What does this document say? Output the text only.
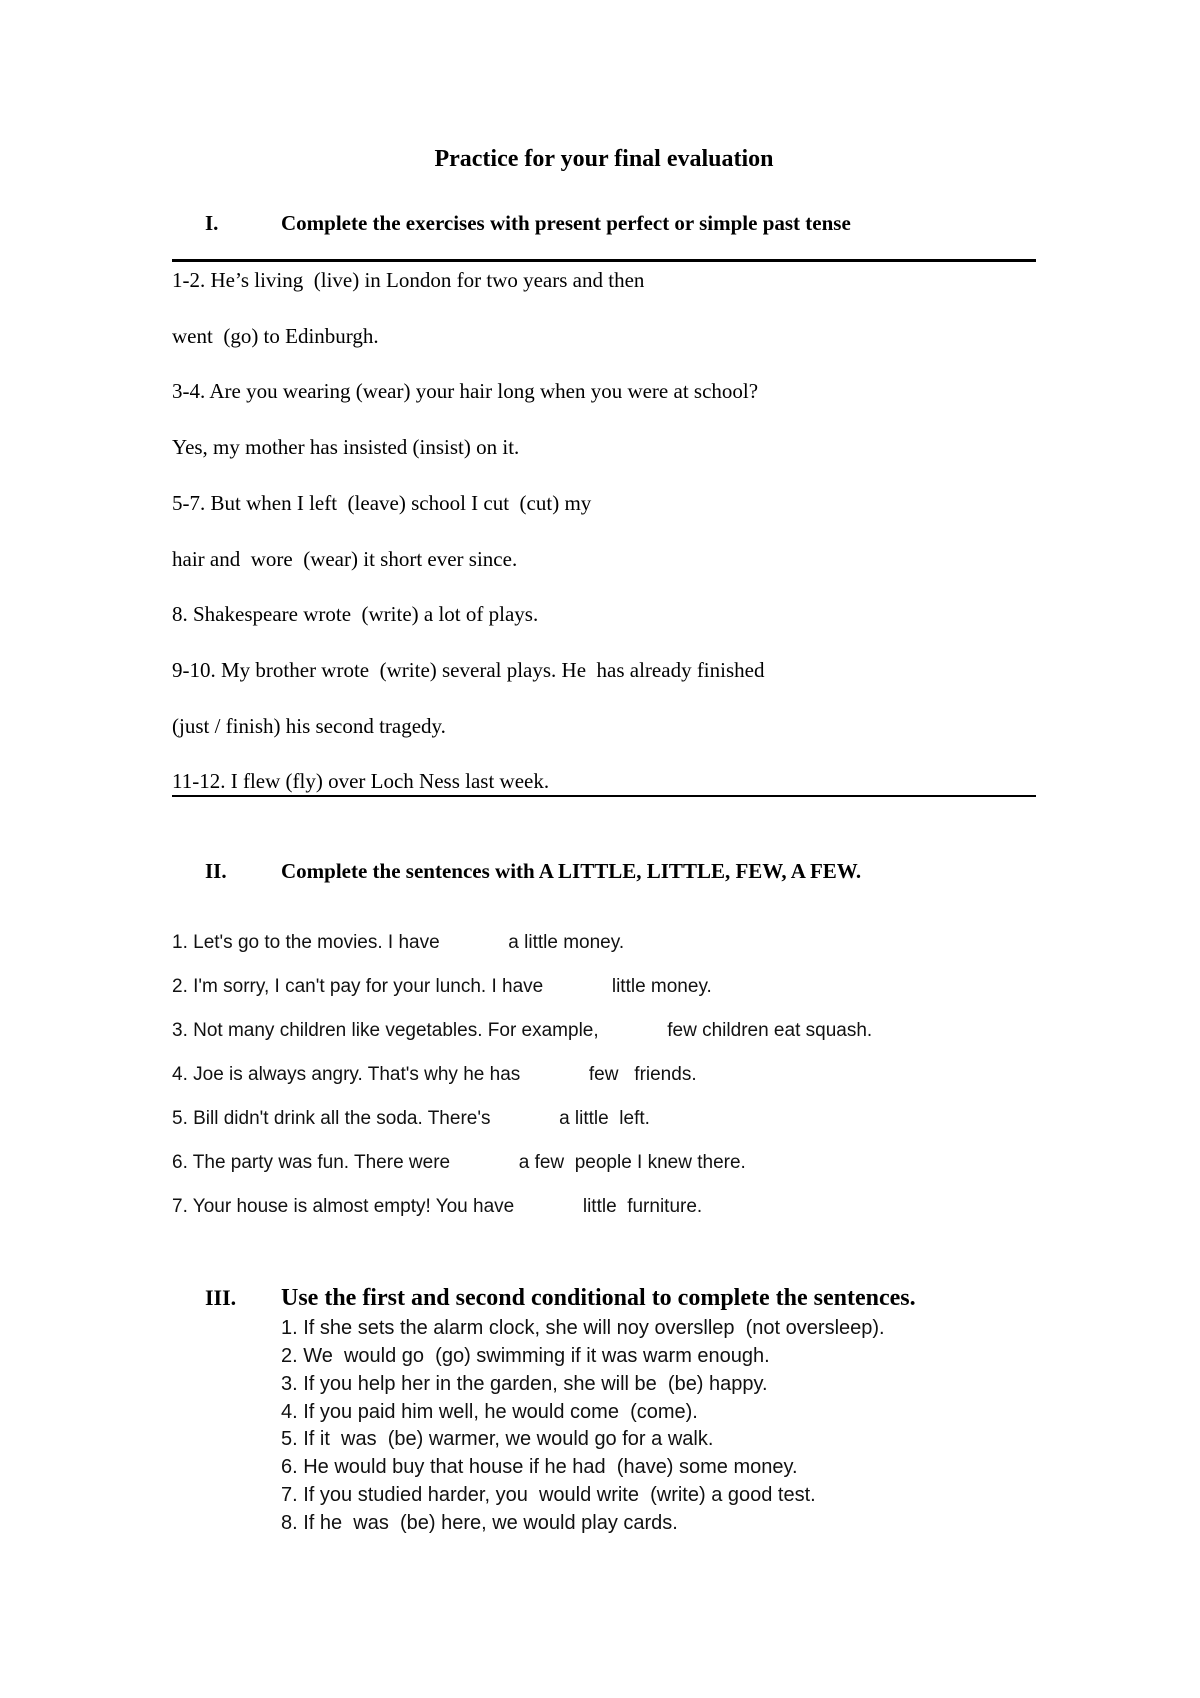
Practice for your final evaluation
I.	Complete the exercises with present perfect or simple past tense
1-2. He’s living  (live) in London for two years and then
went  (go) to Edinburgh.
3-4. Are you wearing (wear) your hair long when you were at school?
Yes, my mother has insisted (insist) on it.
5-7. But when I left  (leave) school I cut  (cut) my
hair and  wore  (wear) it short ever since.
8. Shakespeare wrote  (write) a lot of plays.
9-10. My brother wrote  (write) several plays. He  has already finished
(just / finish) his second tragedy.
11-12. I flew (fly) over Loch Ness last week.
II.	Complete the sentences with A LITTLE, LITTLE, FEW, A FEW.
1. Let's go to the movies. I have             a little money.
2. I'm sorry, I can't pay for your lunch. I have             little money.
3. Not many children like vegetables. For example,             few children eat squash.
4. Joe is always angry. That's why he has             few   friends.
5. Bill didn't drink all the soda. There's             a little  left.
6. The party was fun. There were             a few  people I knew there.
7. Your house is almost empty! You have             little  furniture.
III. Use the first and second conditional to complete the sentences.
1. If she sets the alarm clock, she will noy oversllep  (not oversleep).
2. We  would go  (go) swimming if it was warm enough.
3. If you help her in the garden, she will be  (be) happy.
4. If you paid him well, he would come  (come).
5. If it  was  (be) warmer, we would go for a walk.
6. He would buy that house if he had  (have) some money.
7. If you studied harder, you  would write  (write) a good test.
8. If he  was  (be) here, we would play cards.
